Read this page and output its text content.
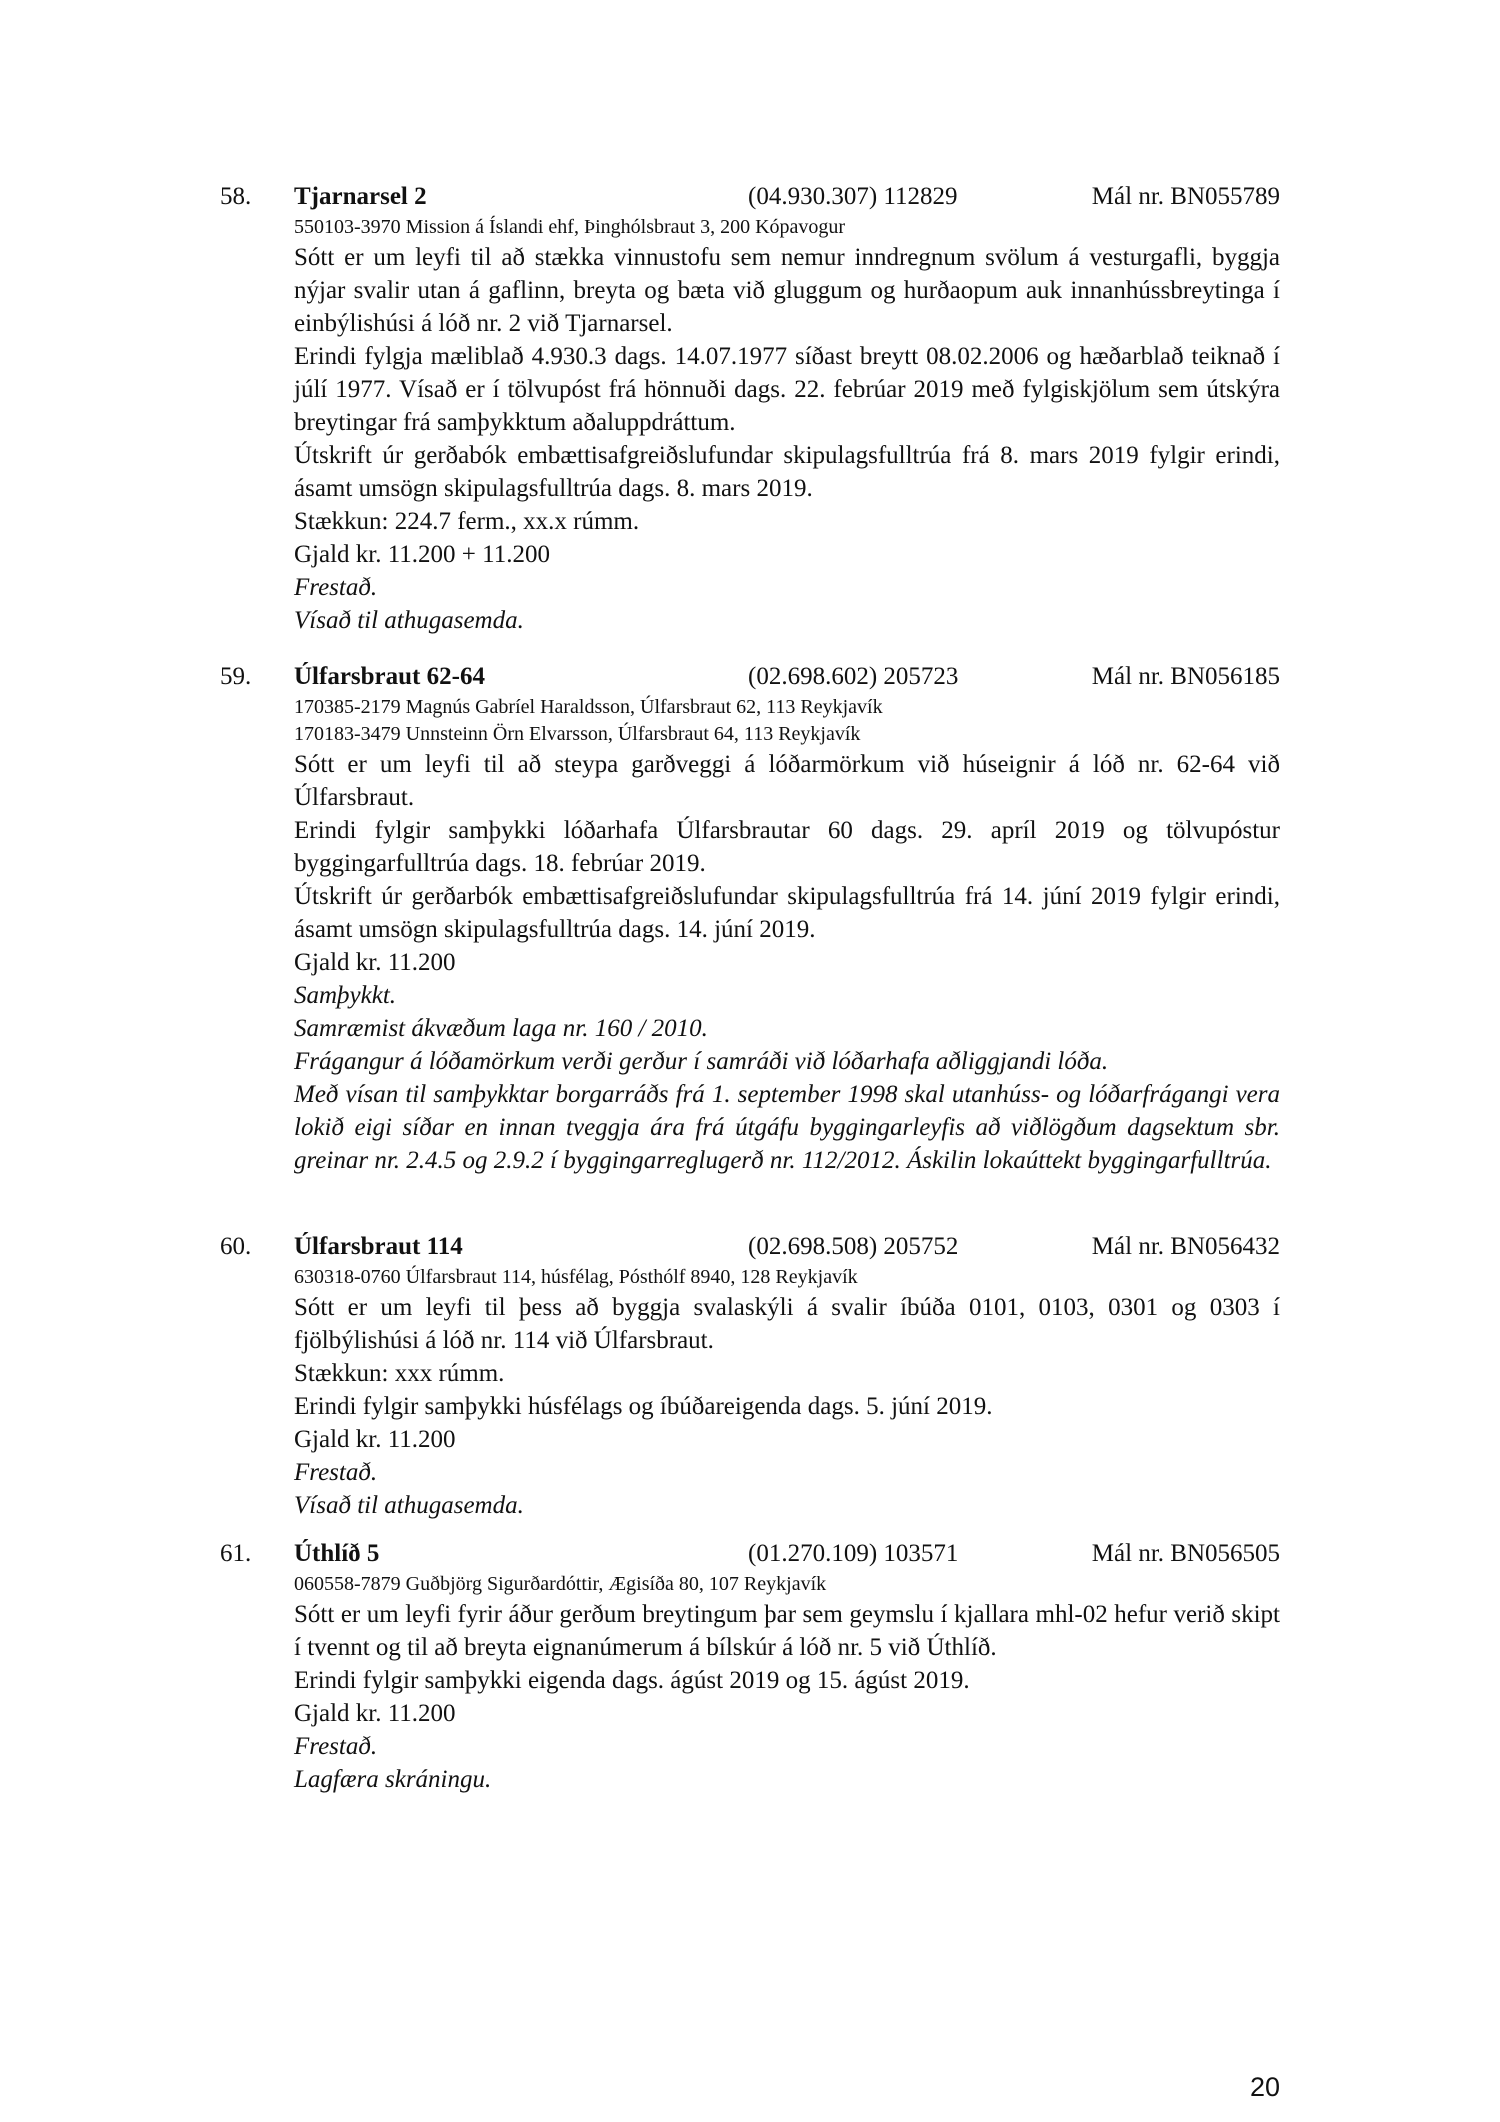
58. Tjarnarsel 2	(04.930.307) 112829	Mál nr. BN055789
550103-3970 Mission á Íslandi ehf, Þinghólsbraut 3, 200 Kópavogur

Sótt er um leyfi til að stækka vinnustofu sem nemur inndregnum svölum á vesturgafli, byggja nýjar svalir utan á gaflinn, breyta og bæta við gluggum og hurðaopum auk innanhússbreytinga í einbýlishúsi á lóð nr. 2 við Tjarnarsel.

Erindi fylgja mæliblað 4.930.3 dags. 14.07.1977 síðast breytt 08.02.2006 og hæðarblað teiknað í júlí 1977. Vísað er í tölvupóst frá hönnuði dags. 22. febrúar 2019 með fylgiskjölum sem útskýra breytingar frá samþykktum aðaluppdráttum.

Útskrift úr gerðabók embættisafgreiðslufundar skipulagsfulltrúa frá 8. mars 2019 fylgir erindi, ásamt umsögn skipulagsfulltrúa dags. 8. mars 2019.

Stækkun: 224.7 ferm., xx.x rúmm.

Gjald kr. 11.200 + 11.200

Frestað.

Vísað til athugasemda.

59. Úlfarsbraut 62-64	(02.698.602) 205723	Mál nr. BN056185
170385-2179 Magnús Gabríel Haraldsson, Úlfarsbraut 62, 113 Reykjavík
170183-3479 Unnsteinn Örn Elvarsson, Úlfarsbraut 64, 113 Reykjavík

Sótt er um leyfi til að steypa garðveggi á lóðarmörkum við húseignir á lóð nr. 62-64 við Úlfarsbraut.

Erindi fylgir samþykki lóðarhafa Úlfarsbrautar 60 dags. 29. apríl 2019 og tölvupóstur byggingarfulltrúa dags. 18. febrúar 2019.

Útskrift úr gerðarbók embættisafgreiðslufundar skipulagsfulltrúa frá 14. júní 2019 fylgir erindi, ásamt umsögn skipulagsfulltrúa dags. 14. júní 2019.

Gjald kr. 11.200

Samþykkt.

Samræmist ákvæðum laga nr. 160 / 2010.

Frágangur á lóðamörkum verði gerður í samráði við lóðarhafa aðliggjandi lóða.

Með vísan til samþykktar borgarráðs frá 1. september 1998 skal utanhúss- og lóðarfrágangi vera lokið eigi síðar en innan tveggja ára frá útgáfu byggingarleyfis að viðlögðum dagsektum sbr. greinar nr. 2.4.5 og 2.9.2 í byggingarreglugerð nr. 112/2012. Áskilin lokaúttekt byggingarfulltrúa.

60. Úlfarsbraut 114	(02.698.508) 205752	Mál nr. BN056432
630318-0760 Úlfarsbraut 114, húsfélag, Pósthólf 8940, 128 Reykjavík

Sótt er um leyfi til þess að byggja svalaskýli á svalir íbúða 0101, 0103, 0301 og 0303 í fjölbýlishúsi á lóð nr. 114 við Úlfarsbraut.

Stækkun: xxx rúmm.

Erindi fylgir samþykki húsfélags og íbúðareigenda dags. 5. júní 2019.

Gjald kr. 11.200

Frestað.

Vísað til athugasemda.

61. Úthlíð 5	(01.270.109) 103571	Mál nr. BN056505
060558-7879 Guðbjörg Sigurðardóttir, Ægisíða 80, 107 Reykjavík

Sótt er um leyfi fyrir áður gerðum breytingum þar sem geymslu í kjallara mhl-02 hefur verið skipt í tvennt og til að breyta eignanúmerum á bílskúr á lóð nr. 5 við Úthlíð.

Erindi fylgir samþykki eigenda dags. ágúst 2019 og 15. ágúst 2019.

Gjald kr. 11.200

Frestað.

Lagfæra skráningu.

20
